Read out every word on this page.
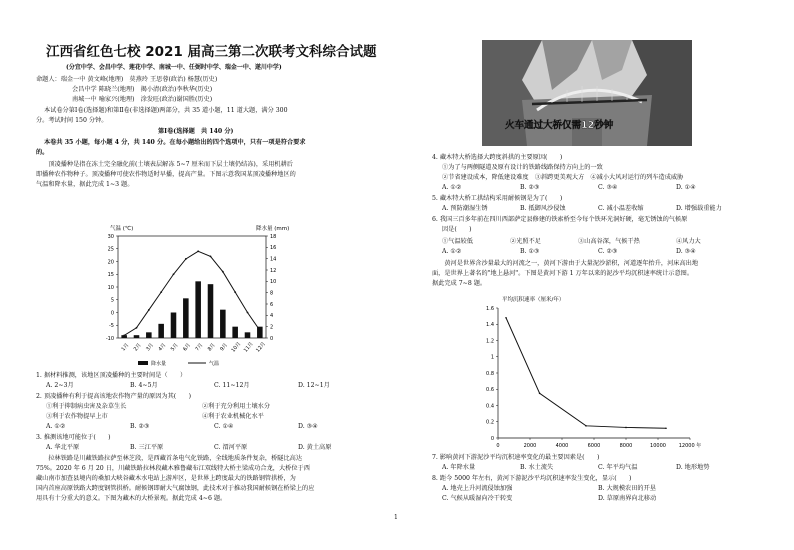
江西省红色七校 2021 届高三第二次联考文科综合试题
(分宜中学、会昌中学、莲花中学、南城一中、任弼时中学、瑞金一中、遂川中学)
命题人：瑞金一中 黄文峰(地理)　莫燕玲 王思蓉(政治) 杨慧(历史)
会昌中学 陈晓兰(地理)　揭小清(政治)李秋华(历史)
南城一中 喻家兴(地理)　涂发旺(政治)谢国胜(历史)
本试卷分第Ⅰ卷(选择题)和第Ⅱ卷(非选择题)两部分，共 35 道小题，11 道大题，满分 300
分。考试时间 150 分钟。
第Ⅰ卷(选择题　共 140 分)
本卷共 35 小题，每小题 4 分，共 140 分。在每小题给出的四个选项中，只有一项是符合要求
的。
　　顶凌播种是指在冻土完全融化前(土壤表层解冻 5~7 厘米而下层土壤仍结冻)，采用机耕后
即播种农作物种子。顶凌播种可使农作物适时早播，提高产量。下图示意我国某顶凌播种地区的
气温和降水量，据此完成 1~3 题。
气温 (℃)	降水量 (mm)
30
25
20
15
10
5
0
-5
-10
18
16
14
12
10
8
6
4
2
0
1月 2月 3月 4月 5月 6月 7月 8月 9月 10月 11月 12月
降水量	气温
1. 据材料推测，该地区顶凌播种的主要时间是（　　）
A. 2~3月	B. 4~5月	C. 11~12月	D. 12~1月
2. 顶凌播种有利于提高该地农作物产量的原因为其(　　)
①利于抑制病虫害及杂草生长	②利于充分利用土壤水分
③利于农作物提早上市	④利于农业机械化水平
A. ①②	B. ②③	C. ①④	D. ③④
3. 推测该地可能位于(　　)
A. 华北平原	B. 三江平原	C. 渭河平原	D. 黄土高原
　　拉林铁路是川藏铁路拉萨至林芝段，是西藏首条电气化铁路，全线地质条件复杂，桥隧比高达
75%。2020 年 6 月 20 日，川藏铁路拉林段藏木雅鲁藏布江双线特大桥主梁成功合龙，大桥位于西
藏山南市加查县境内的桑加大峡谷藏木水电站上游库区，是世界上跨度最大的铁路钢管拱桥，为
国内首座高原铁路大跨度钢管拱桥。耐候钢即耐大气腐蚀钢，此技术对于推动我国耐候钢在桥梁上的应
用具有十分重大的意义。下图为藏木的大桥景观。据此完成 4~6 题。
火车通过大桥仅需12秒钟
4. 藏木特大桥选择大跨度斜拱的主要原因(　　)
①为了与两侧隧道及原有设计的铁路线路保持方向上的一致
②节省建设成本，降低建设难度　③斜跨更美观大方　④减小大风对运行的列车造成威胁
A. ①②	B. ②③	C. ③④	D. ①④
5. 藏木特大桥工拱结构采用耐候钢是为了(　　)
A. 预防潮湿生锈	B. 抵御风沙侵蚀	C. 减小温差收缩	D. 增强载重能力
6. 我国三百多年前在四川西部萨定县修建的铁索桥至今每个铁环光洞好硬，毫无锈蚀的气候原
因是(　　)
①气温较低	②光照不足	③山高谷深，气候干热	④风力大
A. ①②	B. ①③	C. ②③	D. ③④
　　黄河是世界含沙量最大的河流之一，黄河下游由于大量泥沙淤积，河道逐年抬升，河床高出地
面，是世界上著名的"地上悬河"。下图是黄河下游 1 万年以来的泥沙平均沉积速率统计示意图。
据此完成 7~8 题。
平均沉积速率（厘米/年）
1.6
1.4
1.2
1
0.8
0.6
0.4
0.2
0
0	2000	4000	6000	8000	10000	12000 年
7. 影响黄河下游泥沙平均沉积速率变化的最主要因素是(　　)
A. 年降水量	B. 水土流失	C. 年平均气温	D. 地形地势
8. 距今 5000 年左右，黄河下游泥沙平均沉积速率发生变化，显示(　　)
A. 地壳上升河流侵蚀加强	B. 大规模农田的开垦
C. 气候从暖湿向冷干转变	D. 草原南界向北移动
1
